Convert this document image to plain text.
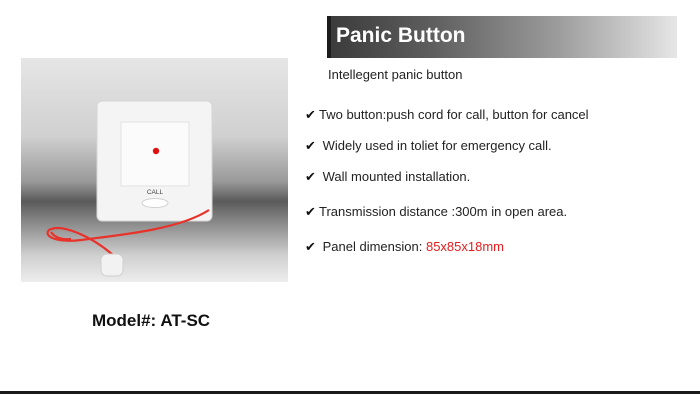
CALL
Model#: AT-SC
Panic Button
Intellegent panic button
✔ Two button:push cord for call, button for cancel
✔ Widely used in toliet for emergency call.
✔ Wall mounted installation.
✔ Transmission distance :300m in open area.
✔ Panel dimension: 85x85x18mm
